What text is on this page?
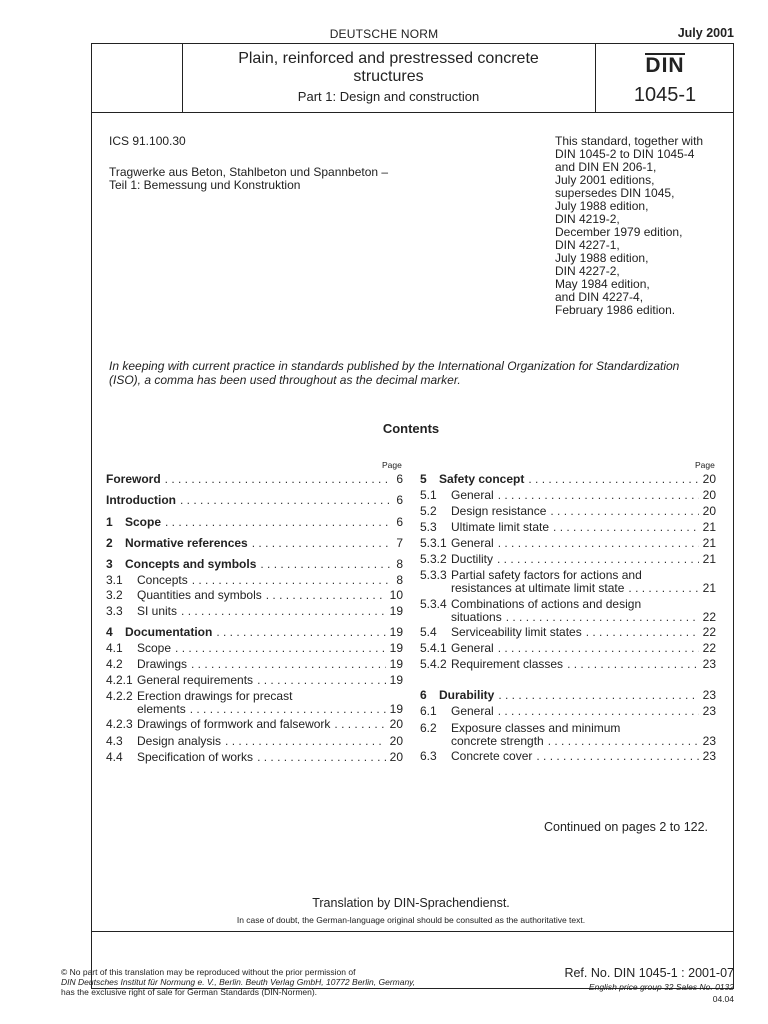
DEUTSCHE NORM	July 2001
Plain, reinforced and prestressed concrete
structures
Part 1: Design and construction
DIN
1045-1
ICS 91.100.30
Tragwerke aus Beton, Stahlbeton und Spannbeton –
Teil 1: Bemessung und Konstruktion
This standard, together with
DIN 1045-2 to DIN 1045-4
and DIN EN 206-1,
July 2001 editions,
supersedes DIN 1045,
July 1988 edition,
DIN 4219-2,
December 1979 edition,
DIN 4227-1,
July 1988 edition,
DIN 4227-2,
May 1984 edition,
and DIN 4227-4,
February 1986 edition.
In keeping with current practice in standards published by the International Organization for Standardization
(ISO), a comma has been used throughout as the decimal marker.
Contents
Page	Page
Foreword . . .	6
Introduction . . .	6
1	Scope . . .	6
2	Normative references . . .	7
3	Concepts and symbols . . .	8
3.1	Concepts . . .	8
3.2	Quantities and symbols . . .	10
3.3	SI units . . .	19
4	Documentation . . .	19
4.1	Scope . . .	19
4.2	Drawings . . .	19
4.2.1 General requirements . . .	19
4.2.2 Erection drawings for precast
elements . . .	19
4.2.3 Drawings of formwork and falsework . . .	20
4.3	Design analysis . . .	20
4.4	Specification of works . . .	20
5	Safety concept . . .	20
5.1	General . . .	20
5.2	Design resistance . . .	20
5.3	Ultimate limit state . . .	21
5.3.1 General . . .	21
5.3.2 Ductility . . .	21
5.3.3 Partial safety factors for actions and
resistances at ultimate limit state . . .	21
5.3.4 Combinations of actions and design
situations . . .	22
5.4	Serviceability limit states . . .	22
5.4.1 General . . .	22
5.4.2 Requirement classes . . .	23
6	Durability . . .	23
6.1	General . . .	23
6.2 Exposure classes and minimum
concrete strength . . .	23
6.3	Concrete cover . . .	23
Continued on pages 2 to 122.
Translation by DIN-Sprachendienst.
In case of doubt, the German-language original should be consulted as the authoritative text.
© No part of this translation may be reproduced without the prior permission of
DIN Deutsches Institut für Normung e. V., Berlin. Beuth Verlag GmbH, 10772 Berlin, Germany,
has the exclusive right of sale for German Standards (DIN-Normen).
Ref. No. DIN 1045-1 : 2001-07
English price group 32 Sales No. 0132
04.04
